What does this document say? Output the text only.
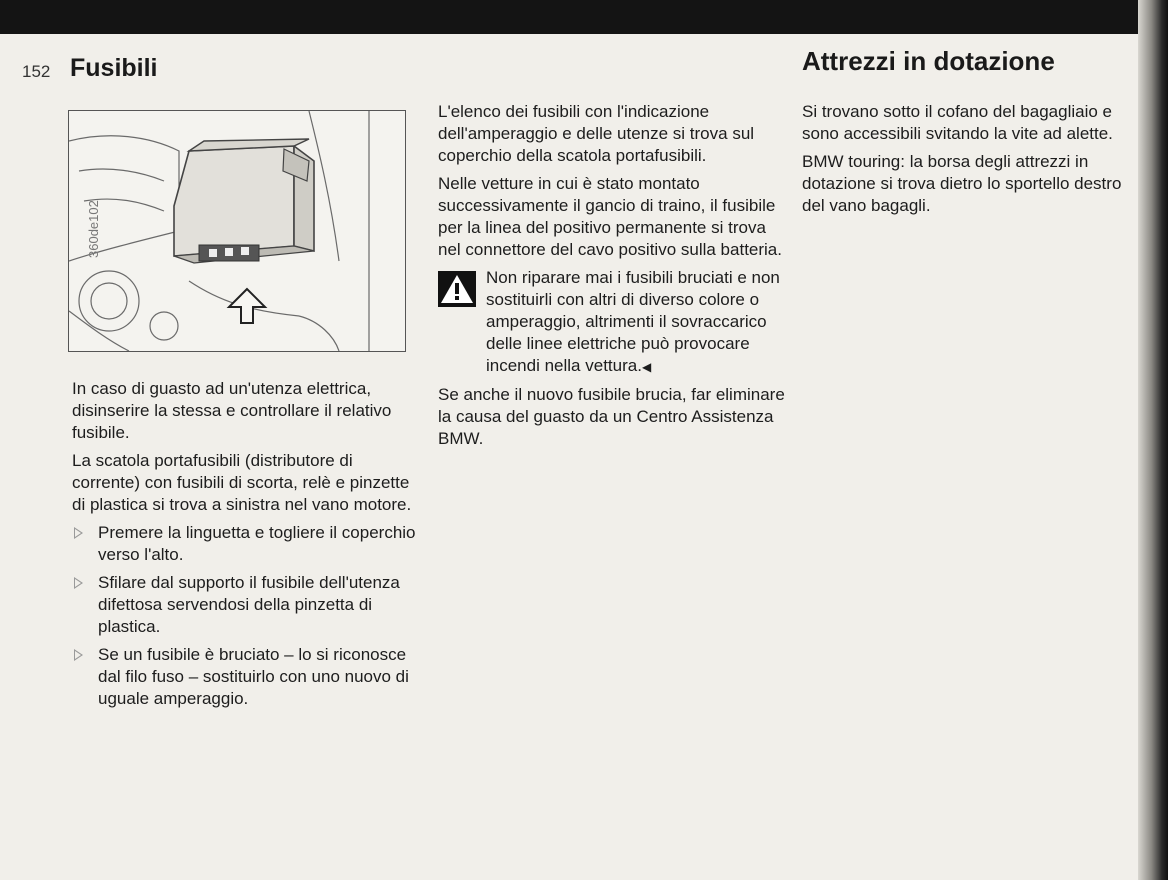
152 Fusibili	Attrezzi in dotazione

In caso di guasto ad un'utenza elettrica, disinserire la stessa e controllare il relativo fusibile.

La scatola portafusibili (distributore di corrente) con fusibili di scorta, relè e pinzette di plastica si trova a sinistra nel vano motore.

Premere la linguetta e togliere il coperchio verso l'alto.
Sfilare dal supporto il fusibile dell'utenza difettosa servendosi della pinzetta di plastica.
Se un fusibile è bruciato – lo si riconosce dal filo fuso – sostituirlo con uno nuovo di uguale amperaggio.

L'elenco dei fusibili con l'indicazione dell'amperaggio e delle utenze si trova sul coperchio della scatola portafusibili.

Nelle vetture in cui è stato montato successivamente il gancio di traino, il fusibile per la linea del positivo permanente si trova nel connettore del cavo positivo sulla batteria.

Non riparare mai i fusibili bruciati e non sostituirli con altri di diverso colore o amperaggio, altrimenti il sovraccarico delle linee elettriche può provocare incendi nella vettura.◀

Se anche il nuovo fusibile brucia, far eliminare la causa del guasto da un Centro Assistenza BMW.

Si trovano sotto il cofano del bagagliaio e sono accessibili svitando la vite ad alette.

BMW touring: la borsa degli attrezzi in dotazione si trova dietro lo sportello destro del vano bagagli.
